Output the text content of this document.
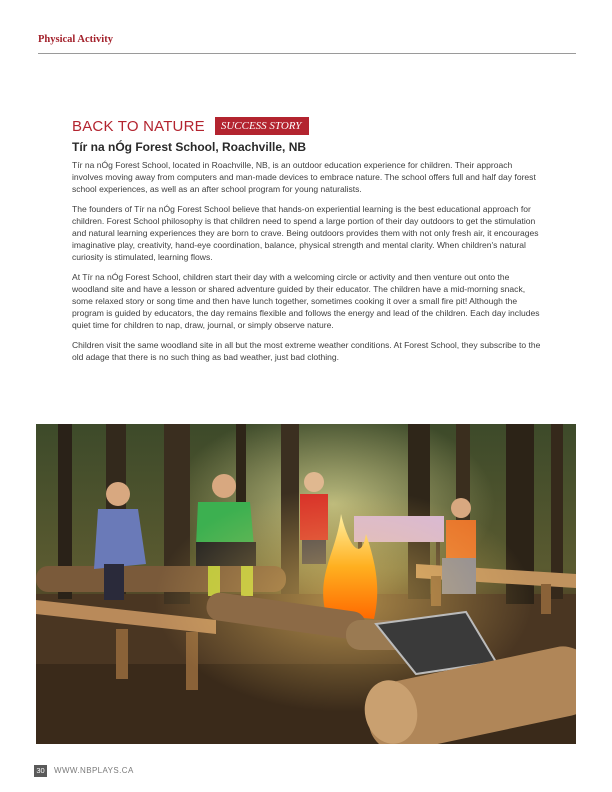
Physical Activity
BACK TO NATURE	SUCCESS STORY
Tír na nÓg Forest School, Roachville, NB

Tír na nÓg Forest School, located in Roachville, NB, is an outdoor education experience for children. Their approach involves moving away from computers and man-made devices to embrace nature. The school offers full and half day forest school experiences, as well as an after school program for young naturalists.

The founders of Tír na nÓg Forest School believe that hands-on experiential learning is the best educational approach for children. Forest School philosophy is that children need to spend a large portion of their day outdoors to get the stimulation and natural learning experiences they are born to crave. Being outdoors provides them with not only fresh air, it encourages imaginative play, creativity, hand-eye coordination, balance, physical strength and mental clarity. When children's natural curiosity is stimulated, learning flows.

At Tír na nÓg Forest School, children start their day with a welcoming circle or activity and then venture out onto the woodland site and have a lesson or shared adventure guided by their educator. The children have a mid-morning snack, some relaxed story or song time and then have lunch together, sometimes cooking it over a small fire pit! Although the program is guided by educators, the day remains flexible and follows the energy and lead of the children. Each day includes quiet time for children to nap, draw, journal, or simply observe nature.

Children visit the same woodland site in all but the most extreme weather conditions. At Forest School, they subscribe to the old adage that there is no such thing as bad weather, just bad clothing.

30 WWW.NBPLAYS.CA
